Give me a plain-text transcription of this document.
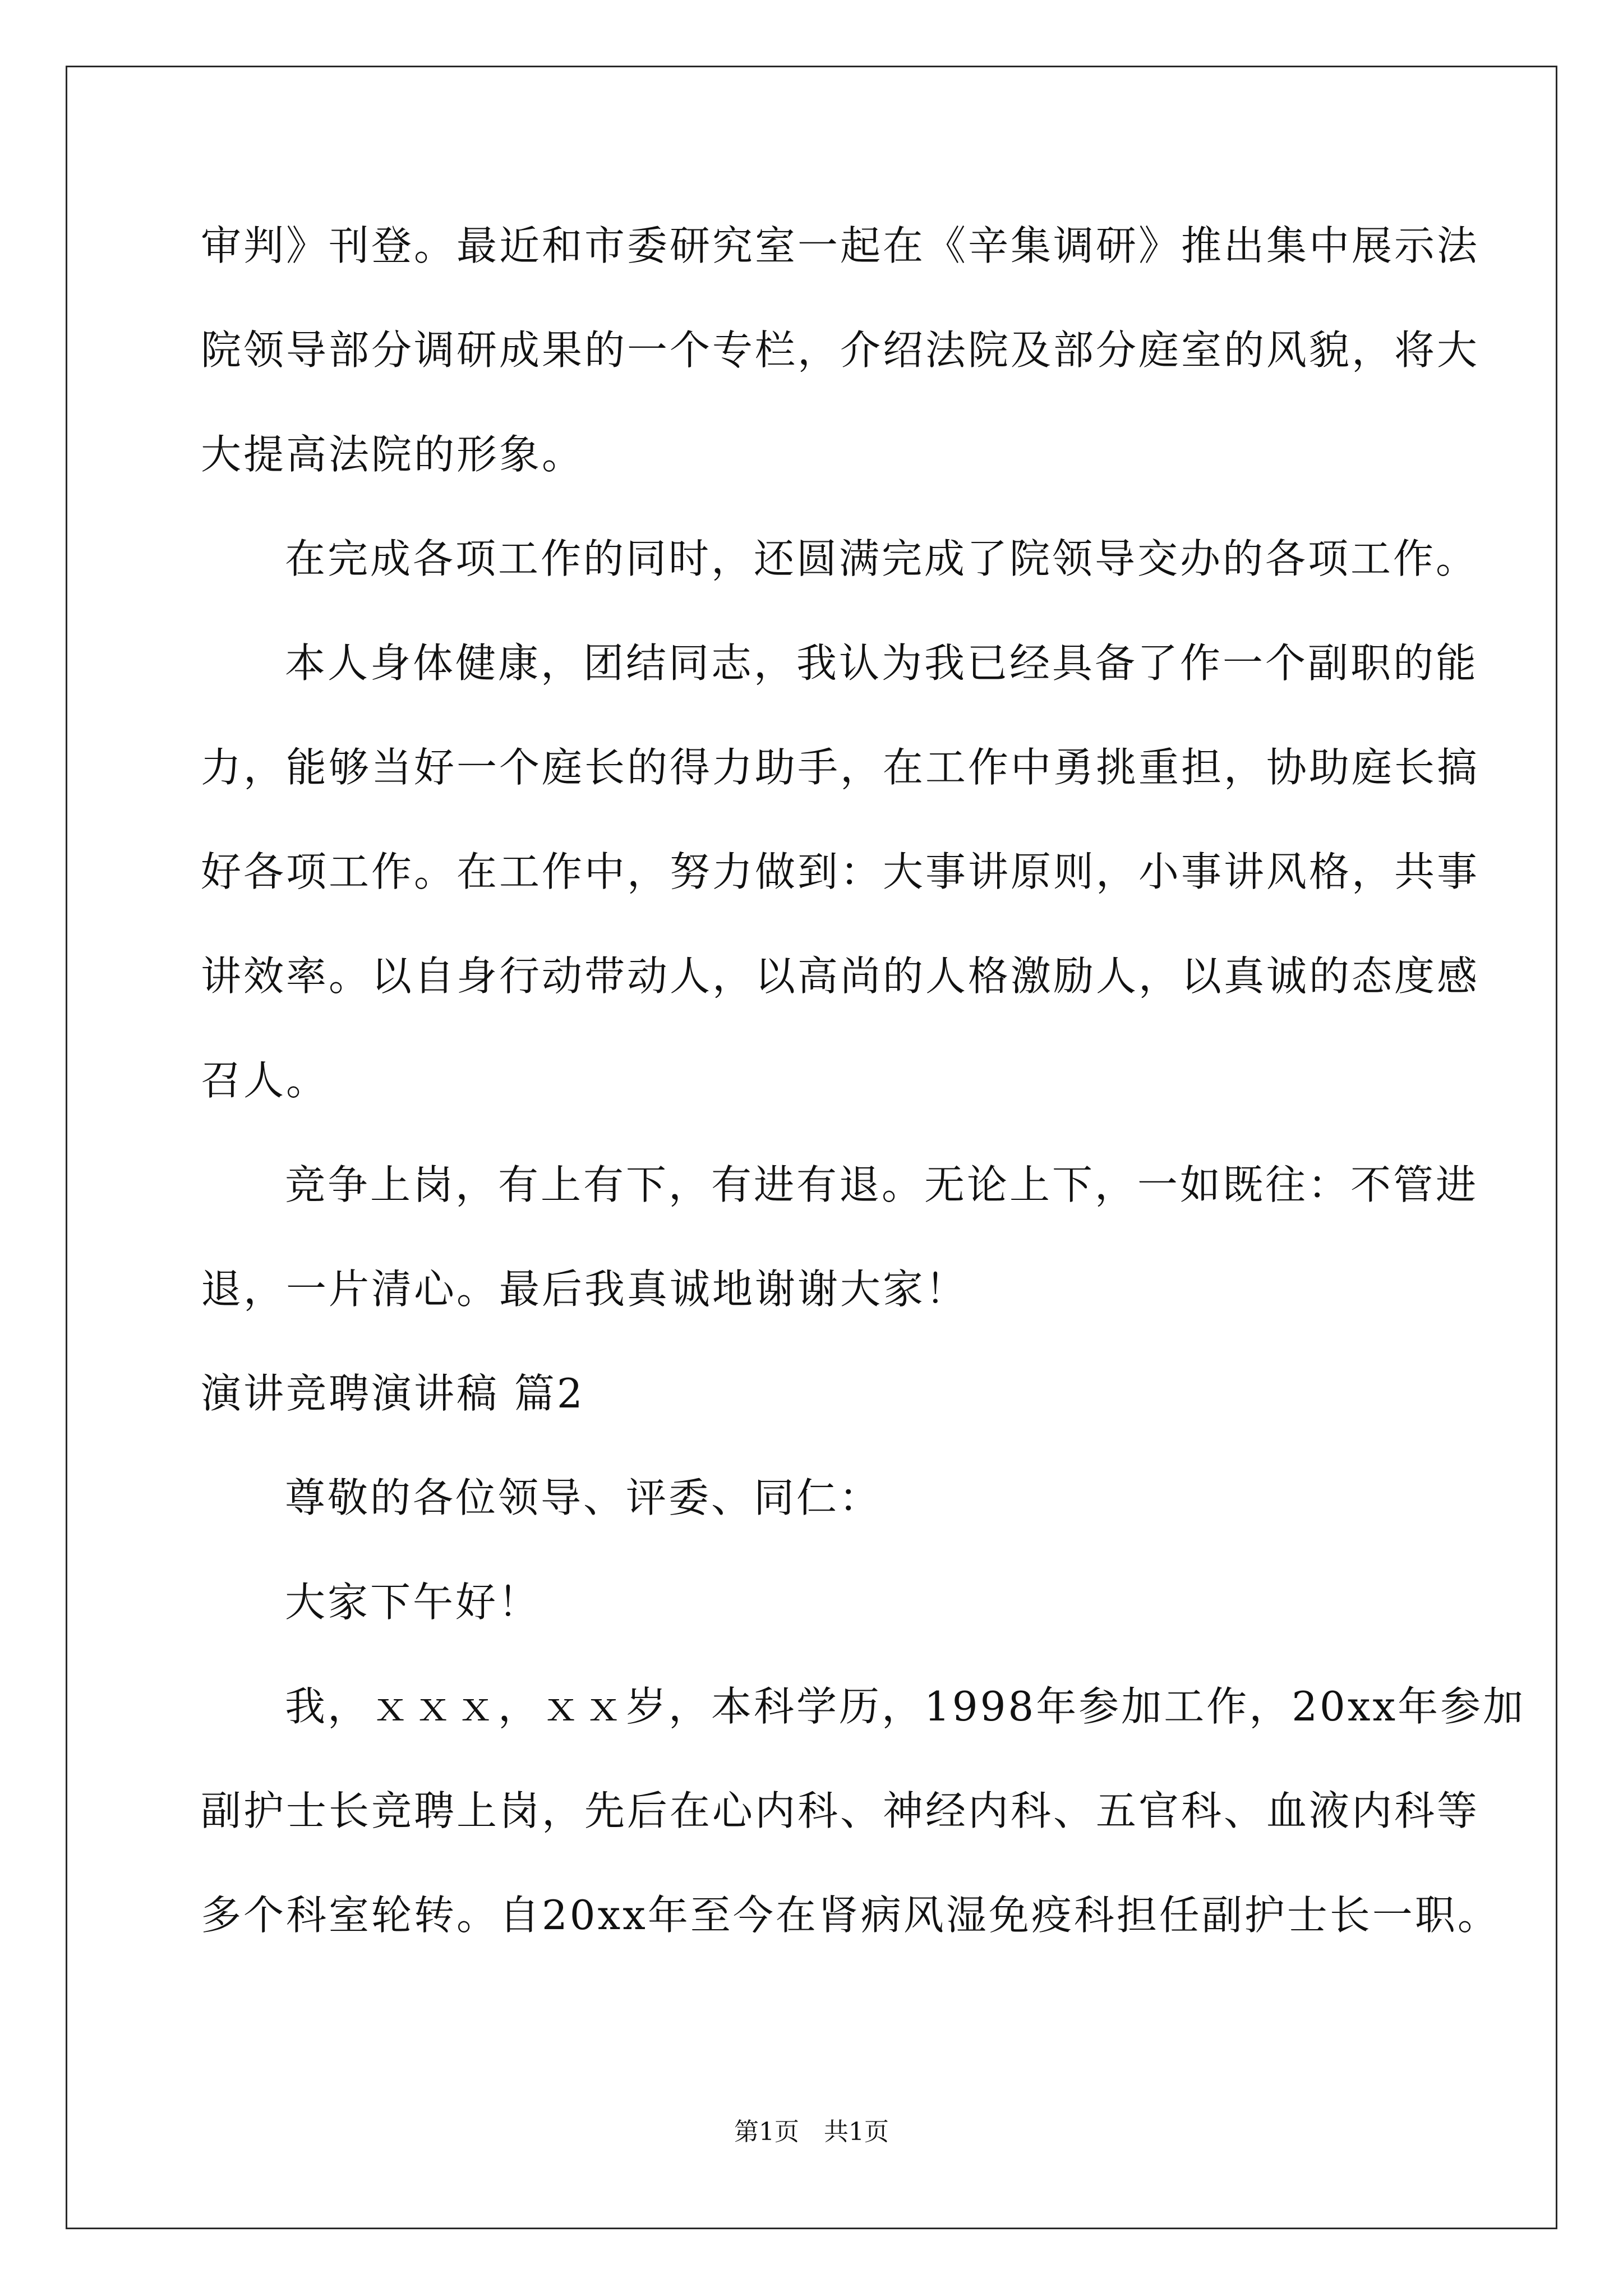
审判》刊登。最近和市委研究室一起在《辛集调研》推出集中展示法
院领导部分调研成果的一个专栏，介绍法院及部分庭室的风貌，将大
大提高法院的形象。
在完成各项工作的同时，还圆满完成了院领导交办的各项工作。
本人身体健康，团结同志，我认为我已经具备了作一个副职的能
力，能够当好一个庭长的得力助手，在工作中勇挑重担，协助庭长搞
好各项工作。在工作中，努力做到：大事讲原则，小事讲风格，共事
讲效率。以自身行动带动人，以高尚的人格激励人，以真诚的态度感
召人。
竞争上岗，有上有下，有进有退。无论上下，一如既往：不管进
退，一片清心。最后我真诚地谢谢大家！
演讲竞聘演讲稿 篇2
尊敬的各位领导、评委、同仁：
大家下午好！
我，ｘｘｘ，ｘｘ岁，本科学历，1998年参加工作，20xx年参加
副护士长竞聘上岗，先后在心内科、神经内科、五官科、血液内科等
多个科室轮转。自20xx年至今在肾病风湿免疫科担任副护士长一职。
第1页　共1页
